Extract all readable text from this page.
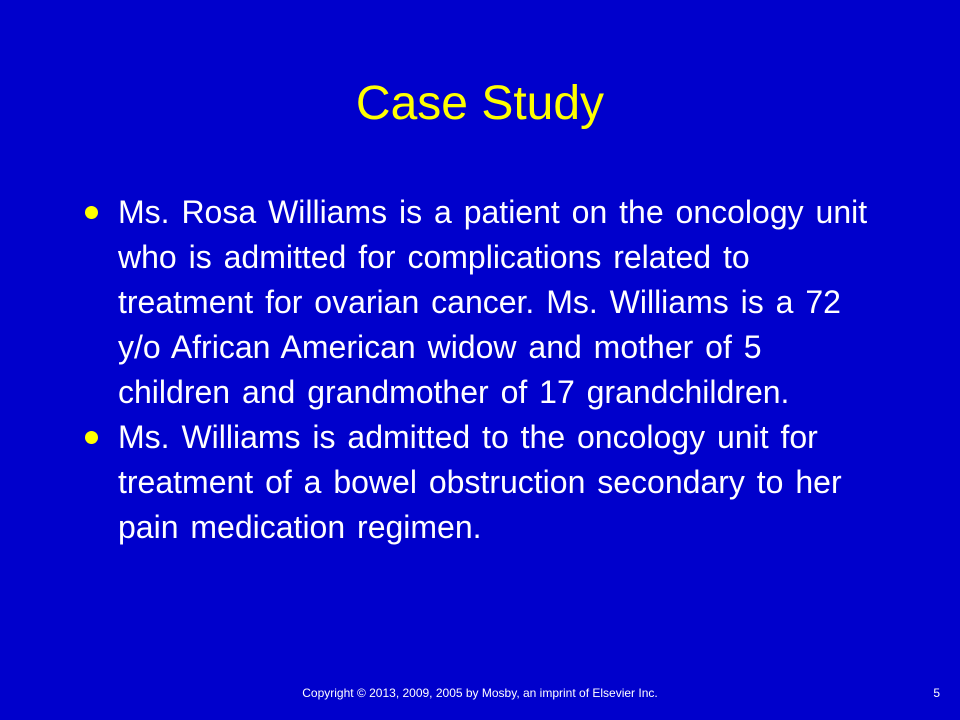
Case Study
Ms. Rosa Williams is a patient on the oncology unit who is admitted for complications related to treatment for ovarian cancer. Ms. Williams is a 72 y/o African American widow and mother of 5 children and grandmother of 17 grandchildren.
Ms. Williams is admitted to the oncology unit for treatment of a bowel obstruction secondary to her pain medication regimen.
Copyright © 2013, 2009, 2005 by Mosby, an imprint of Elsevier Inc.	5
